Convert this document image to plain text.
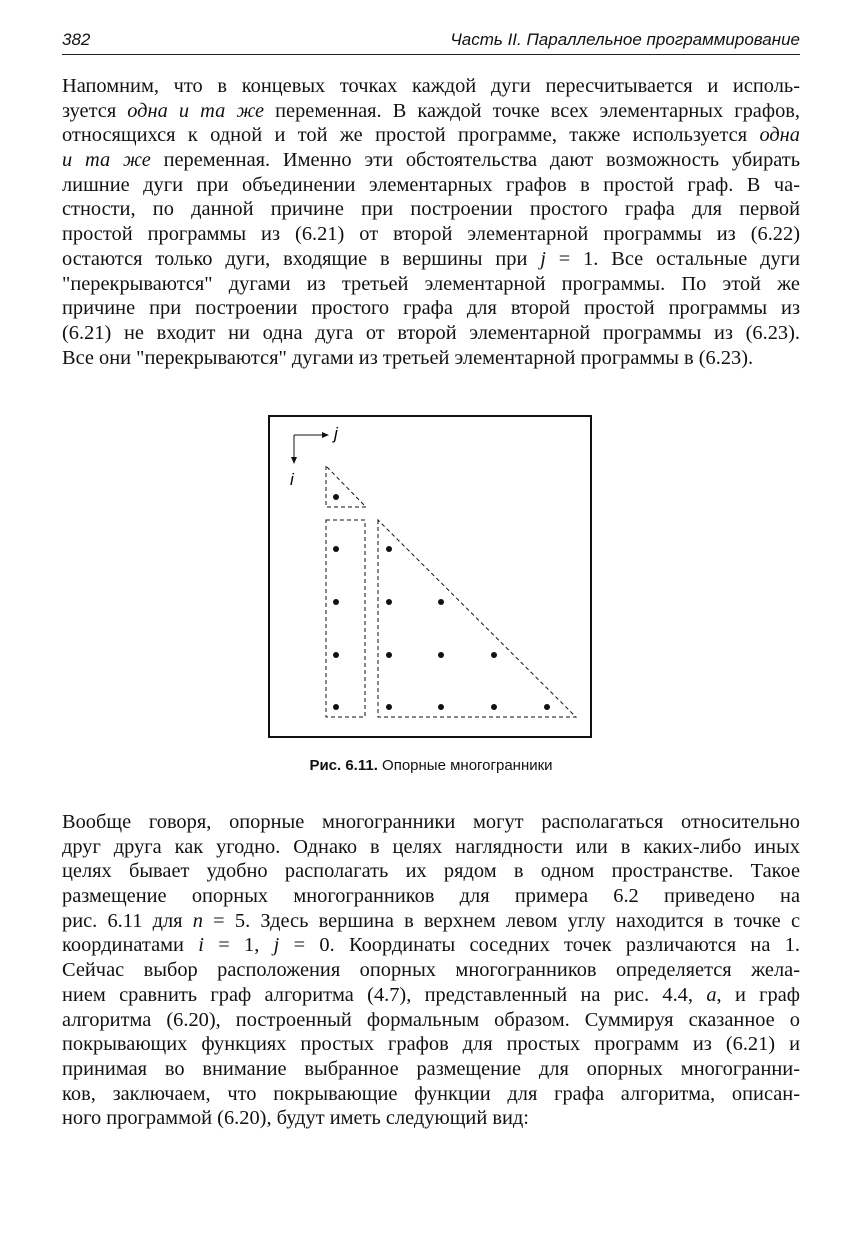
382	Часть II. Параллельное программирование
Напомним, что в концевых точках каждой дуги пересчитывается и исполь-
зуется одна и та же переменная. В каждой точке всех элементарных графов,
относящихся к одной и той же простой программе, также используется одна
и та же переменная. Именно эти обстоятельства дают возможность убирать
лишние дуги при объединении элементарных графов в простой граф. В ча-
стности, по данной причине при построении простого графа для первой
простой программы из (6.21) от второй элементарной программы из (6.22)
остаются только дуги, входящие в вершины при j = 1. Все остальные дуги
"перекрываются" дугами из третьей элементарной программы. По этой же
причине при построении простого графа для второй простой программы из
(6.21) не входит ни одна дуга от второй элементарной программы из (6.23).
Все они "перекрываются" дугами из третьей элементарной программы в (6.23).
j
i
Рис. 6.11. Опорные многогранники
Вообще говоря, опорные многогранники могут располагаться относительно
друг друга как угодно. Однако в целях наглядности или в каких-либо иных
целях бывает удобно располагать их рядом в одном пространстве. Такое
размещение опорных многогранников для примера 6.2 приведено на
рис. 6.11 для n = 5. Здесь вершина в верхнем левом углу находится в точке с
координатами i = 1, j = 0. Координаты соседних точек различаются на 1.
Сейчас выбор расположения опорных многогранников определяется жела-
нием сравнить граф алгоритма (4.7), представленный на рис. 4.4, а, и граф
алгоритма (6.20), построенный формальным образом. Суммируя сказанное о
покрывающих функциях простых графов для простых программ из (6.21) и
принимая во внимание выбранное размещение для опорных многогранни-
ков, заключаем, что покрывающие функции для графа алгоритма, описан-
ного программой (6.20), будут иметь следующий вид:
